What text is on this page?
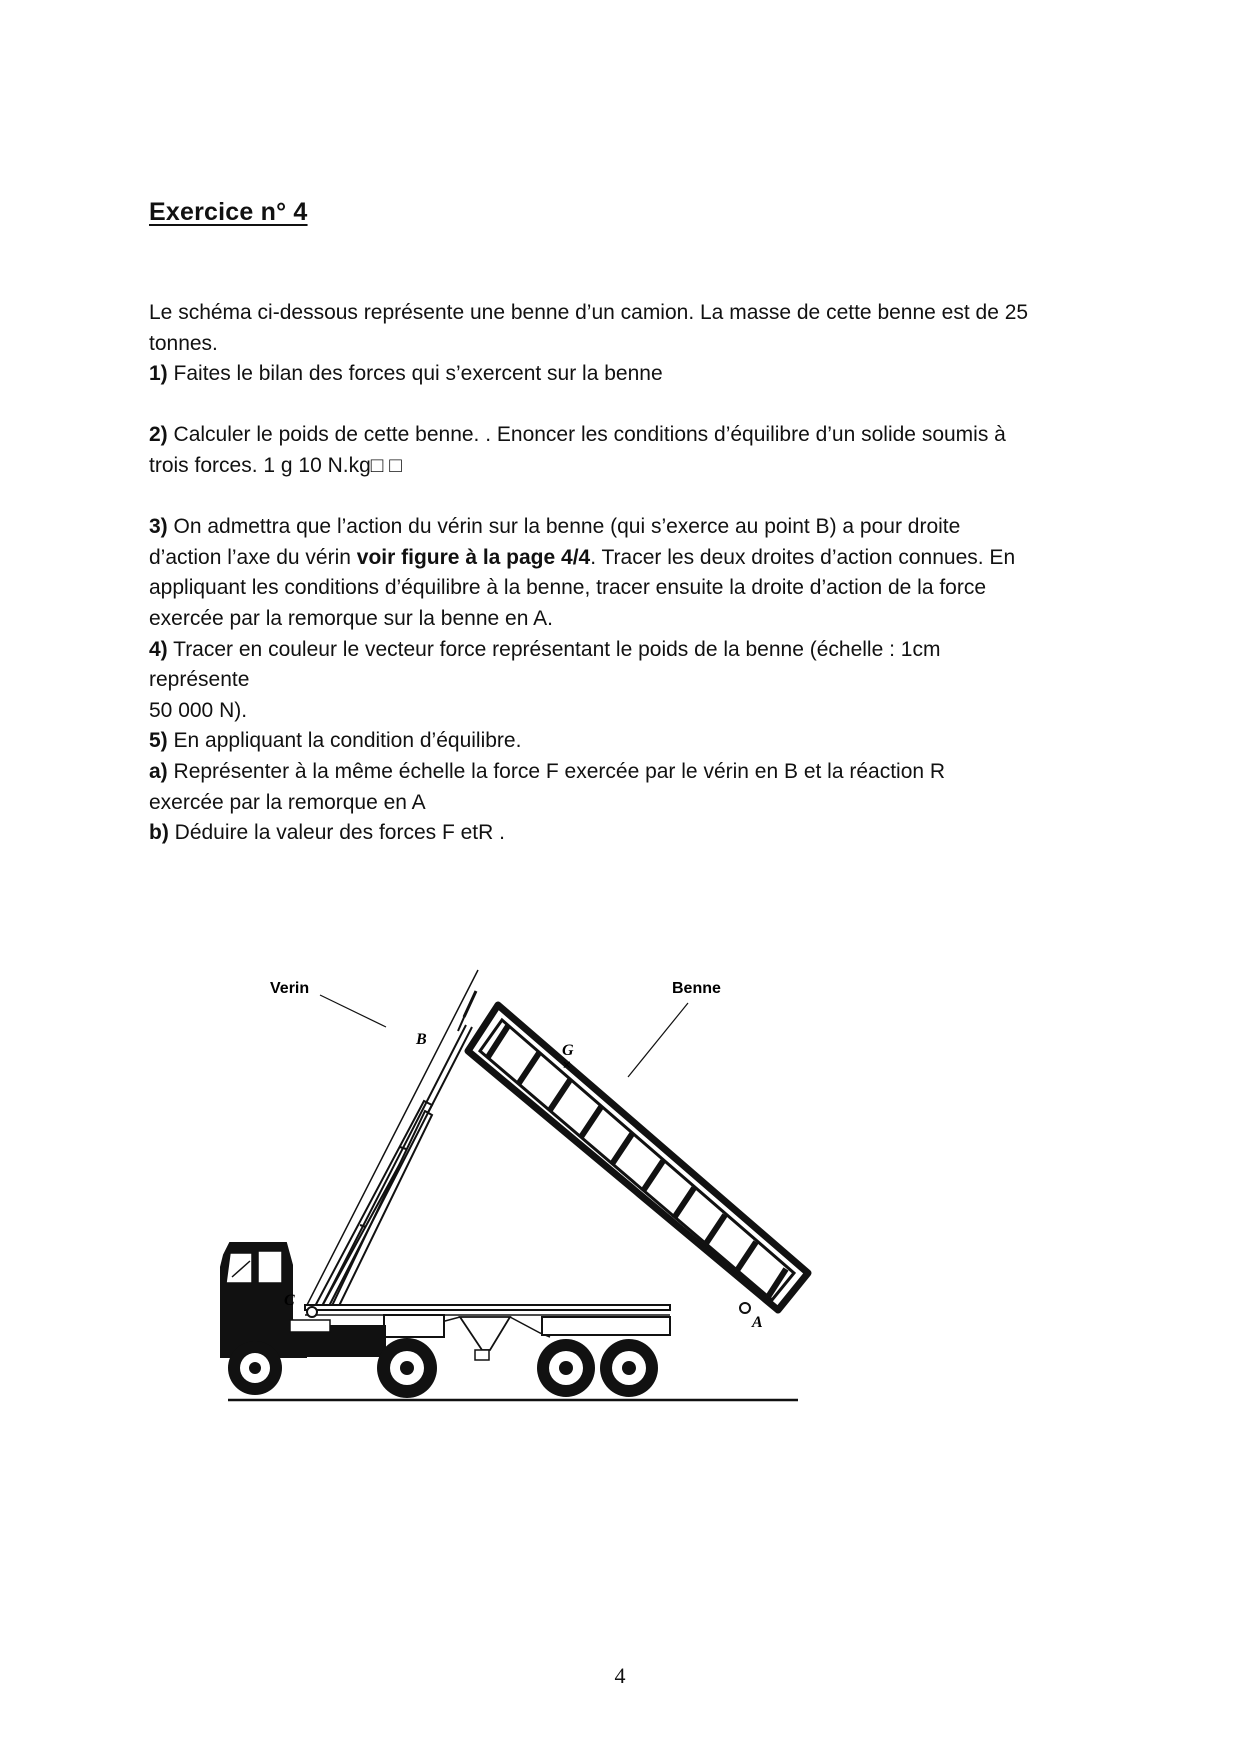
Exercice n° 4
Le schéma ci-dessous représente une benne d’un camion. La masse de cette benne est de 25
tonnes.
1) Faites le bilan des forces qui s’exercent sur la benne
2) Calculer le poids de cette benne. . Enoncer les conditions d’équilibre d’un solide soumis à
trois forces. 1 g 10 N.kg□ □
3) On admettra que l’action du vérin sur la benne (qui s’exerce au point B) a pour droite
d’action l’axe du vérin voir figure à la page 4/4. Tracer les deux droites d’action connues. En
appliquant les conditions d’équilibre à la benne, tracer ensuite la droite d’action de la force
exercée par la remorque sur la benne en A.
4) Tracer en couleur le vecteur force représentant le poids de la benne (échelle : 1cm
représente
50 000 N).
5) En appliquant la condition d’équilibre.
a) Représenter à la même échelle la force F exercée par le vérin en B et la réaction R
exercée par la remorque en A
b) Déduire la valeur des forces F etR .
Verin	Benne
B
G
×
C
A
4
